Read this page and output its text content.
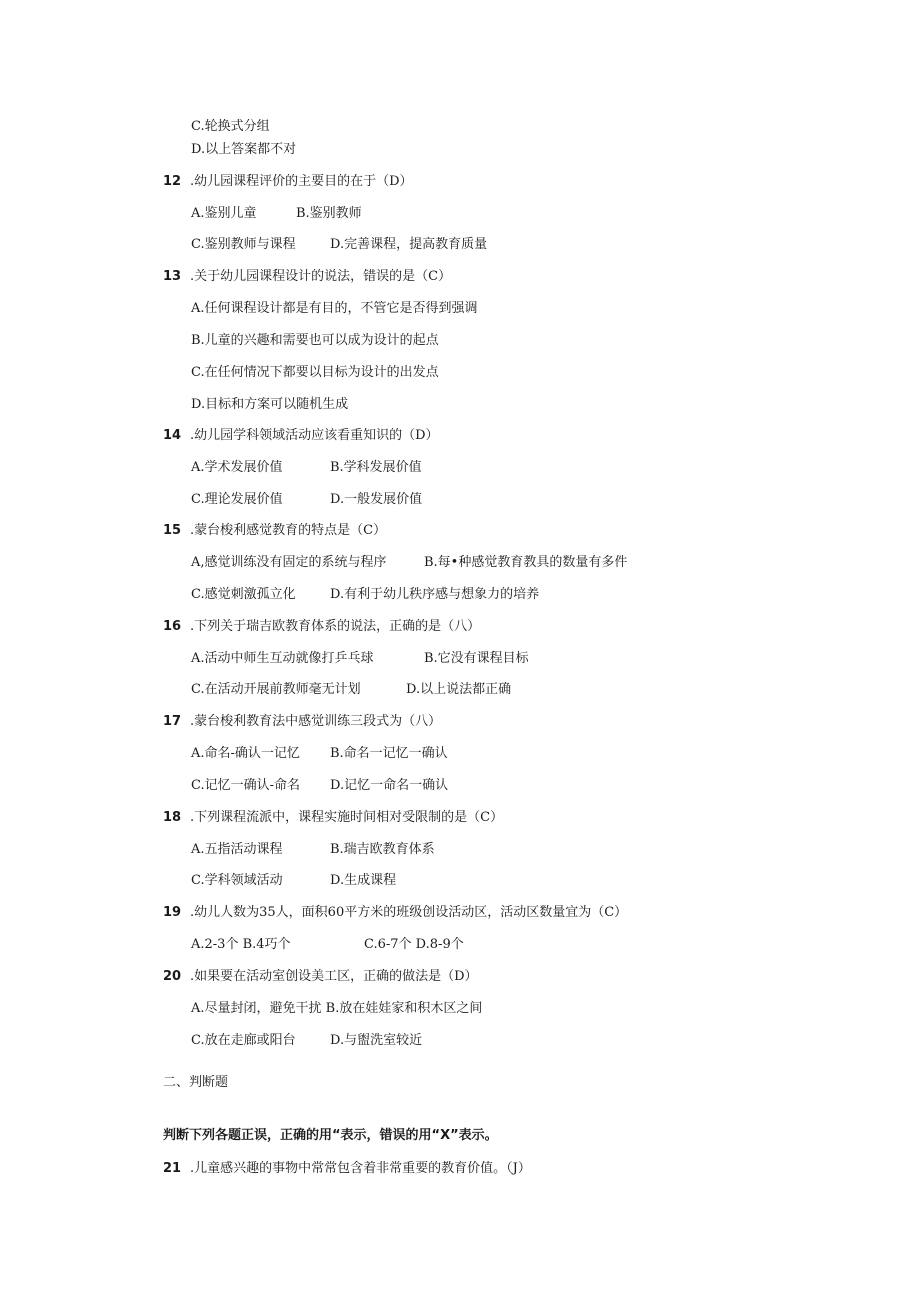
C.轮换式分组
D.以上答案都不对
12 .幼儿园课程评价的主要目的在于（D）
A.鉴别儿童	B.鉴别教师
C.鉴别教师与课程	D.完善课程，提高教育质量
13 .关于幼儿园课程设计的说法，错误的是（C）
A.任何课程设计都是有目的，不管它是否得到强调
B.儿童的兴趣和需要也可以成为设计的起点
C.在任何情况下都要以目标为设计的出发点
D.目标和方案可以随机生成
14 .幼儿园学科领域活动应该看重知识的（D）
A.学术发展价值	B.学科发展价值
C.理论发展价值	D.一般发展价值
15 .蒙台梭利感觉教育的特点是（C）
A,感觉训练没有固定的系统与程序	B.每•种感觉教育教具的数量有多件
C.感觉刺激孤立化	D.有利于幼儿秩序感与想象力的培养
16 .下列关于瑞吉欧教育体系的说法，正确的是（八）
A.活动中师生互动就像打乒乓球	B.它没有课程目标
C.在活动开展前教师毫无计划	D.以上说法都正确
17 .蒙台梭利教育法中感觉训练三段式为（八）
A.命名-确认一记忆 B.命名一记忆一确认
C.记忆一确认-命名 D.记忆一命名一确认
18 .下列课程流派中，课程实施时间相对受限制的是（C）
A.五指活动课程	B.瑞吉欧教育体系
C.学科领域活动	D.生成课程
19 .幼儿人数为35人，面积60平方米的班级创设活动区，活动区数量宜为（C）
A.2-3个 B.4巧个	C.6-7个 D.8-9个
20 .如果要在活动室创设美工区，正确的做法是（D）
A.尽量封闭，避免干扰 B.放在娃娃家和积木区之间
C.放在走廊或阳台	D.与盥洗室较近
二、判断题
判断下列各题正误，正确的用“表示，错误的用“X”表示。
21 .儿童感兴趣的事物中常常包含着非常重要的教育价值。（J）
